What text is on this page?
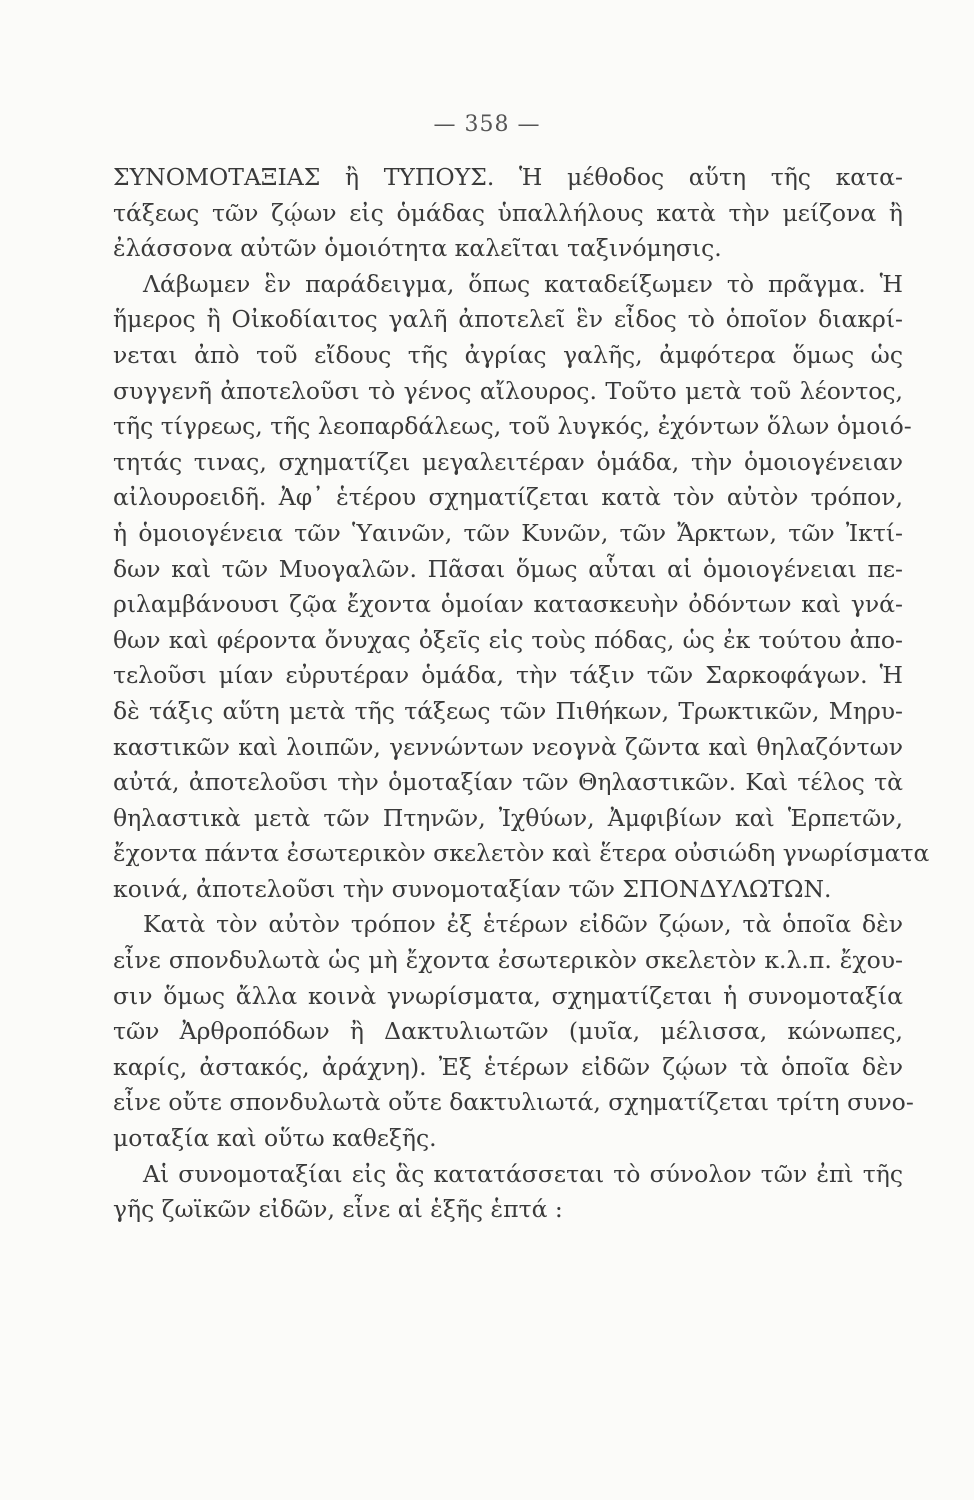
— 358 —
ΣΥΝΟΜΟΤΑΞΙΑΣ ἢ ΤΥΠΟΥΣ. Ἡ μέθοδος αὕτη τῆς κατα-
τάξεως τῶν ζῴων εἰς ὁμάδας ὑπαλλήλους κατὰ τὴν μείζονα ἢ
ἐλάσσονα αὐτῶν ὁμοιότητα καλεῖται ταξινόμησις.
Λάβωμεν ἓν παράδειγμα, ὅπως καταδείξωμεν τὸ πρᾶγμα. Ἡ
ἥμερος ἢ Οἰκοδίαιτος γαλῆ ἀποτελεῖ ἓν εἶδος τὸ ὁποῖον διακρί-
νεται ἀπὸ τοῦ εἴδους τῆς ἀγρίας γαλῆς, ἀμφότερα ὅμως ὡς
συγγενῆ ἀποτελοῦσι τὸ γένος αἴλουρος. Τοῦτο μετὰ τοῦ λέοντος,
τῆς τίγρεως, τῆς λεοπαρδάλεως, τοῦ λυγκός, ἐχόντων ὅλων ὁμοιό-
τητάς τινας, σχηματίζει μεγαλειτέραν ὁμάδα, τὴν ὁμοιογένειαν
αἰλουροειδῆ. Ἀφ᾽ ἑτέρου σχηματίζεται κατὰ τὸν αὐτὸν τρόπον,
ἡ ὁμοιογένεια τῶν Ὑαινῶν, τῶν Κυνῶν, τῶν Ἄρκτων, τῶν Ἰκτί-
δων καὶ τῶν Μυογαλῶν. Πᾶσαι ὅμως αὗται αἱ ὁμοιογένειαι πε-
ριλαμβάνουσι ζῷα ἔχοντα ὁμοίαν κατασκευὴν ὀδόντων καὶ γνά-
θων καὶ φέροντα ὄνυχας ὀξεῖς εἰς τοὺς πόδας, ὡς ἐκ τούτου ἀπο-
τελοῦσι μίαν εὐρυτέραν ὁμάδα, τὴν τάξιν τῶν Σαρκοφάγων. Ἡ
δὲ τάξις αὕτη μετὰ τῆς τάξεως τῶν Πιθήκων, Τρωκτικῶν, Μηρυ-
καστικῶν καὶ λοιπῶν, γεννώντων νεογνὰ ζῶντα καὶ θηλαζόντων
αὐτά, ἀποτελοῦσι τὴν ὁμοταξίαν τῶν Θηλαστικῶν. Καὶ τέλος τὰ
θηλαστικὰ μετὰ τῶν Πτηνῶν, Ἰχθύων, Ἀμφιβίων καὶ Ἑρπετῶν,
ἔχοντα πάντα ἐσωτερικὸν σκελετὸν καὶ ἕτερα οὐσιώδη γνωρίσματα
κοινά, ἀποτελοῦσι τὴν συνομοταξίαν τῶν ΣΠΟΝΔΥΛΩΤΩΝ.
Κατὰ τὸν αὐτὸν τρόπον ἐξ ἑτέρων εἰδῶν ζῴων, τὰ ὁποῖα δὲν
εἶνε σπονδυλωτὰ ὡς μὴ ἔχοντα ἐσωτερικὸν σκελετὸν κ.λ.π. ἔχου-
σιν ὅμως ἄλλα κοινὰ γνωρίσματα, σχηματίζεται ἡ συνομοταξία
τῶν Ἀρθροπόδων ἢ Δακτυλιωτῶν (μυῖα, μέλισσα, κώνωπες,
καρίς, ἀστακός, ἀράχνη). Ἐξ ἑτέρων εἰδῶν ζῴων τὰ ὁποῖα δὲν
εἶνε οὔτε σπονδυλωτὰ οὔτε δακτυλιωτά, σχηματίζεται τρίτη συνο-
μοταξία καὶ οὕτω καθεξῆς.
Αἱ συνομοταξίαι εἰς ἃς κατατάσσεται τὸ σύνολον τῶν ἐπὶ τῆς
γῆς ζωϊκῶν εἰδῶν, εἶνε αἱ ἑξῆς ἑπτά :
